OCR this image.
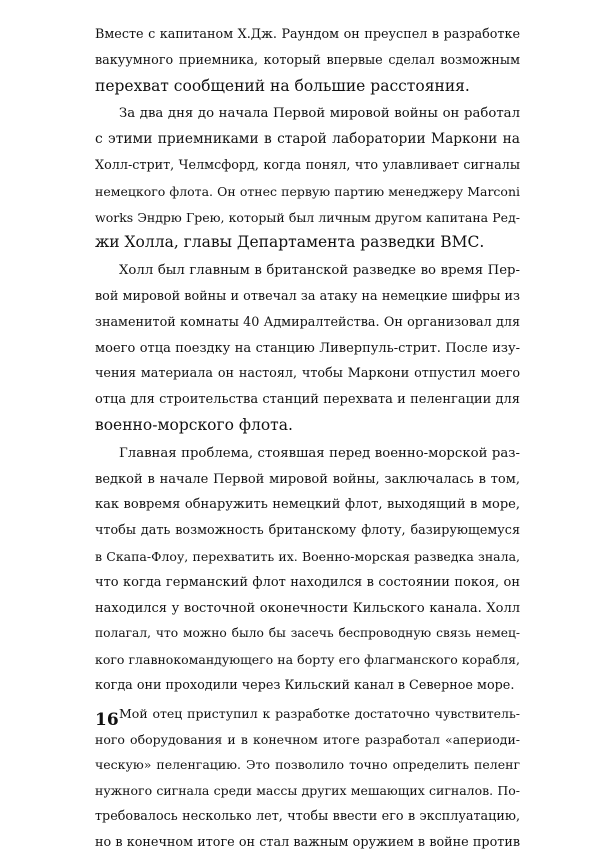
Вместе с капитаном Х.Дж. Раундом он преуспел в разработке
вакуумного приемника, который впервые сделал возможным
перехват сообщений на большие расстояния.
За два дня до начала Первой мировой войны он работал
с этими приемниками в старой лаборатории Маркони на
Холл-стрит, Челмсфорд, когда понял, что улавливает сигналы
немецкого флота. Он отнес первую партию менеджеру Marconi
works Эндрю Грею, который был личным другом капитана Ред-
жи Холла, главы Департамента разведки ВМС.
Холл был главным в британской разведке во время Пер-
вой мировой войны и отвечал за атаку на немецкие шифры из
знаменитой комнаты 40 Адмиралтейства. Он организовал для
моего отца поездку на станцию Ливерпуль-стрит. После изу-
чения материала он настоял, чтобы Маркони отпустил моего
отца для строительства станций перехвата и пеленгации для
военно-морского флота.
Главная проблема, стоявшая перед военно-морской раз-
ведкой в начале Первой мировой войны, заключалась в том,
как вовремя обнаружить немецкий флот, выходящий в море,
чтобы дать возможность британскому флоту, базирующемуся
в Скапа-Флоу, перехватить их. Военно-морская разведка знала,
что когда германский флот находился в состоянии покоя, он
находился у восточной оконечности Кильского канала. Холл
полагал, что можно было бы засечь беспроводную связь немец-
кого главнокомандующего на борту его флагманского корабля,
когда они проходили через Кильский канал в Северное море.
Мой отец приступил к разработке достаточно чувствитель-
ного оборудования и в конечном итоге разработал «апериоди-
ческую» пеленгацию. Это позволило точно определить пеленг
нужного сигнала среди массы других мешающих сигналов. По-
требовалось несколько лет, чтобы ввести его в эксплуатацию,
но в конечном итоге он стал важным оружием в войне против
16
